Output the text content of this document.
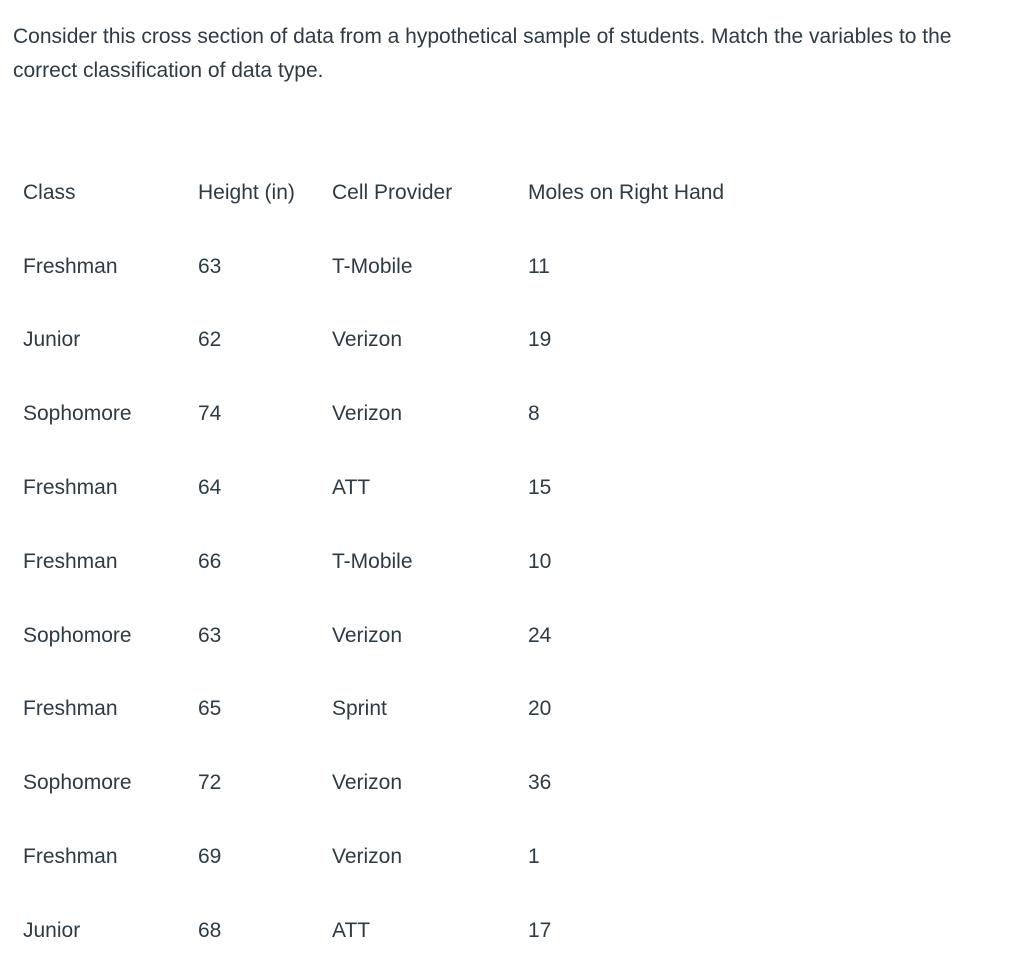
Consider this cross section of data from a hypothetical sample of students. Match the variables to the correct classification of data type.
Class	Height (in)	Cell Provider	Moles on Right Hand
Freshman	63	T-Mobile	11
Junior	62	Verizon	19
Sophomore	74	Verizon	8
Freshman	64	ATT	15
Freshman	66	T-Mobile	10
Sophomore	63	Verizon	24
Freshman	65	Sprint	20
Sophomore	72	Verizon	36
Freshman	69	Verizon	1
Junior	68	ATT	17
